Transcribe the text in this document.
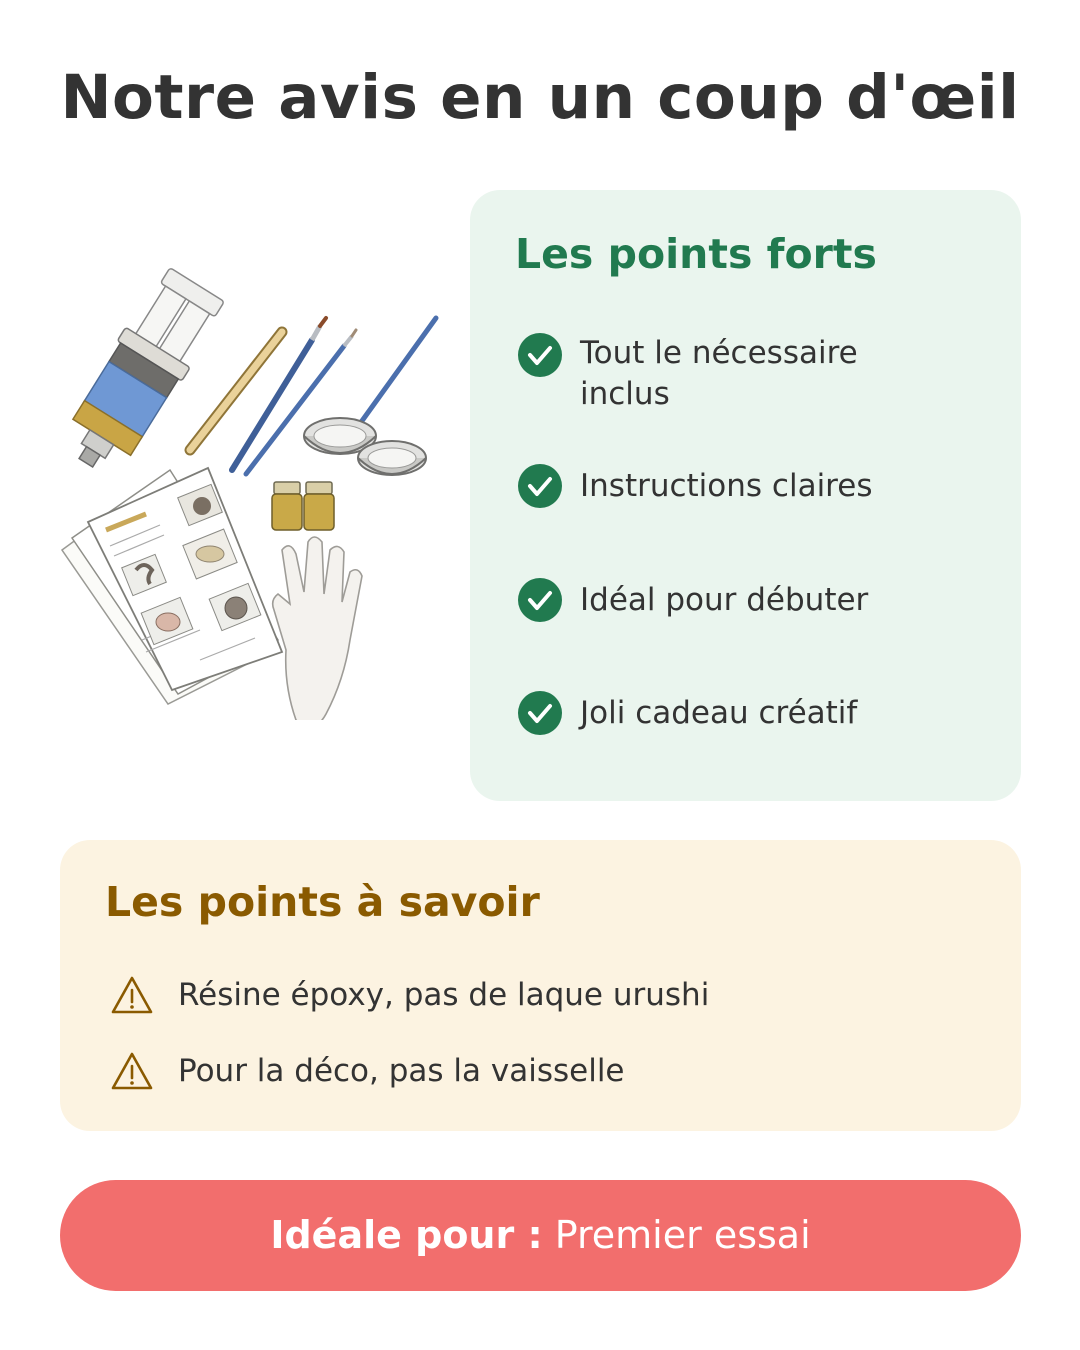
Notre avis en un coup d'œil
Les points forts
Tout le nécessaire inclus
Instructions claires
Idéal pour débuter
Joli cadeau créatif
Les points à savoir
Résine époxy, pas de laque urushi
Pour la déco, pas la vaisselle
Idéale pour : Premier essai
